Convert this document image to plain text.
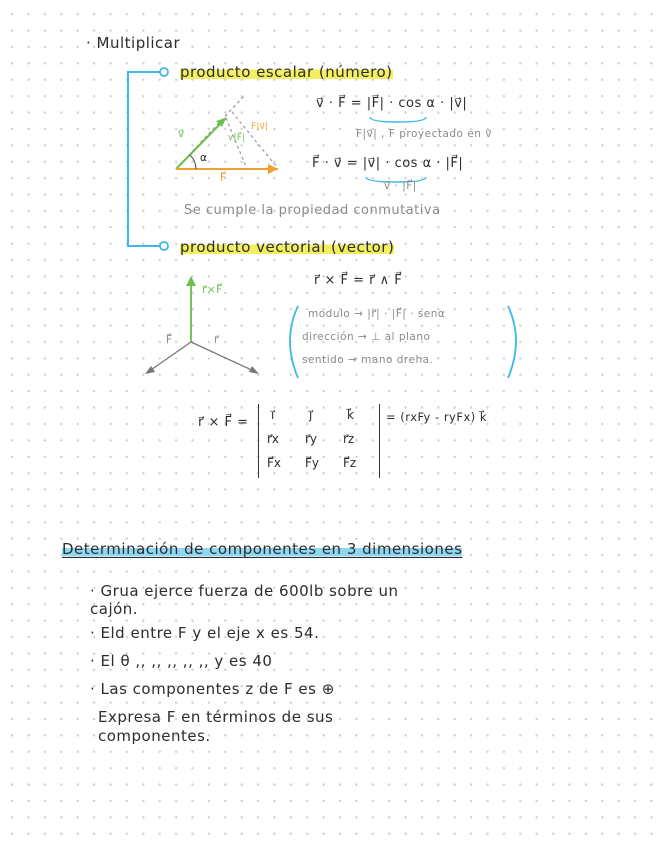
· Multiplicar
producto escalar (número)
v⃗
F⃗
α
F|v⃗|
v|F⃗|
v⃗ · F⃗ = |F⃗| · cos α · |v⃗|
F|v⃗| , F proyectado en v⃗
F⃗ · v⃗ = |v⃗| · cos α · |F⃗|
v⃗ · |F⃗|
Se cumple la propiedad conmutativa
producto vectorial (vector)
r⃗×F⃗
F⃗	r⃗
r⃗ × F⃗ = r⃗ ∧ F⃗
modulo → |r⃗| · |F⃗| · senα
dirección → ⊥ al plano
sentido → mano dreha.
r⃗ × F⃗ = i⃗	j⃗	k⃗
r⃗x r⃗y r⃗z
F⃗x F⃗y F⃗z
= (rxFy - ryFx) k⃗
Determinación de componentes en 3 dimensiones
· Grua ejerce fuerza de 600lb sobre un
cajón.
· Eld entre F y el eje x es 54.
· El θ ,, ,, ,, ,, ,, y es 40
· Las componentes z de F es ⊕
Expresa F en términos de sus
componentes.
